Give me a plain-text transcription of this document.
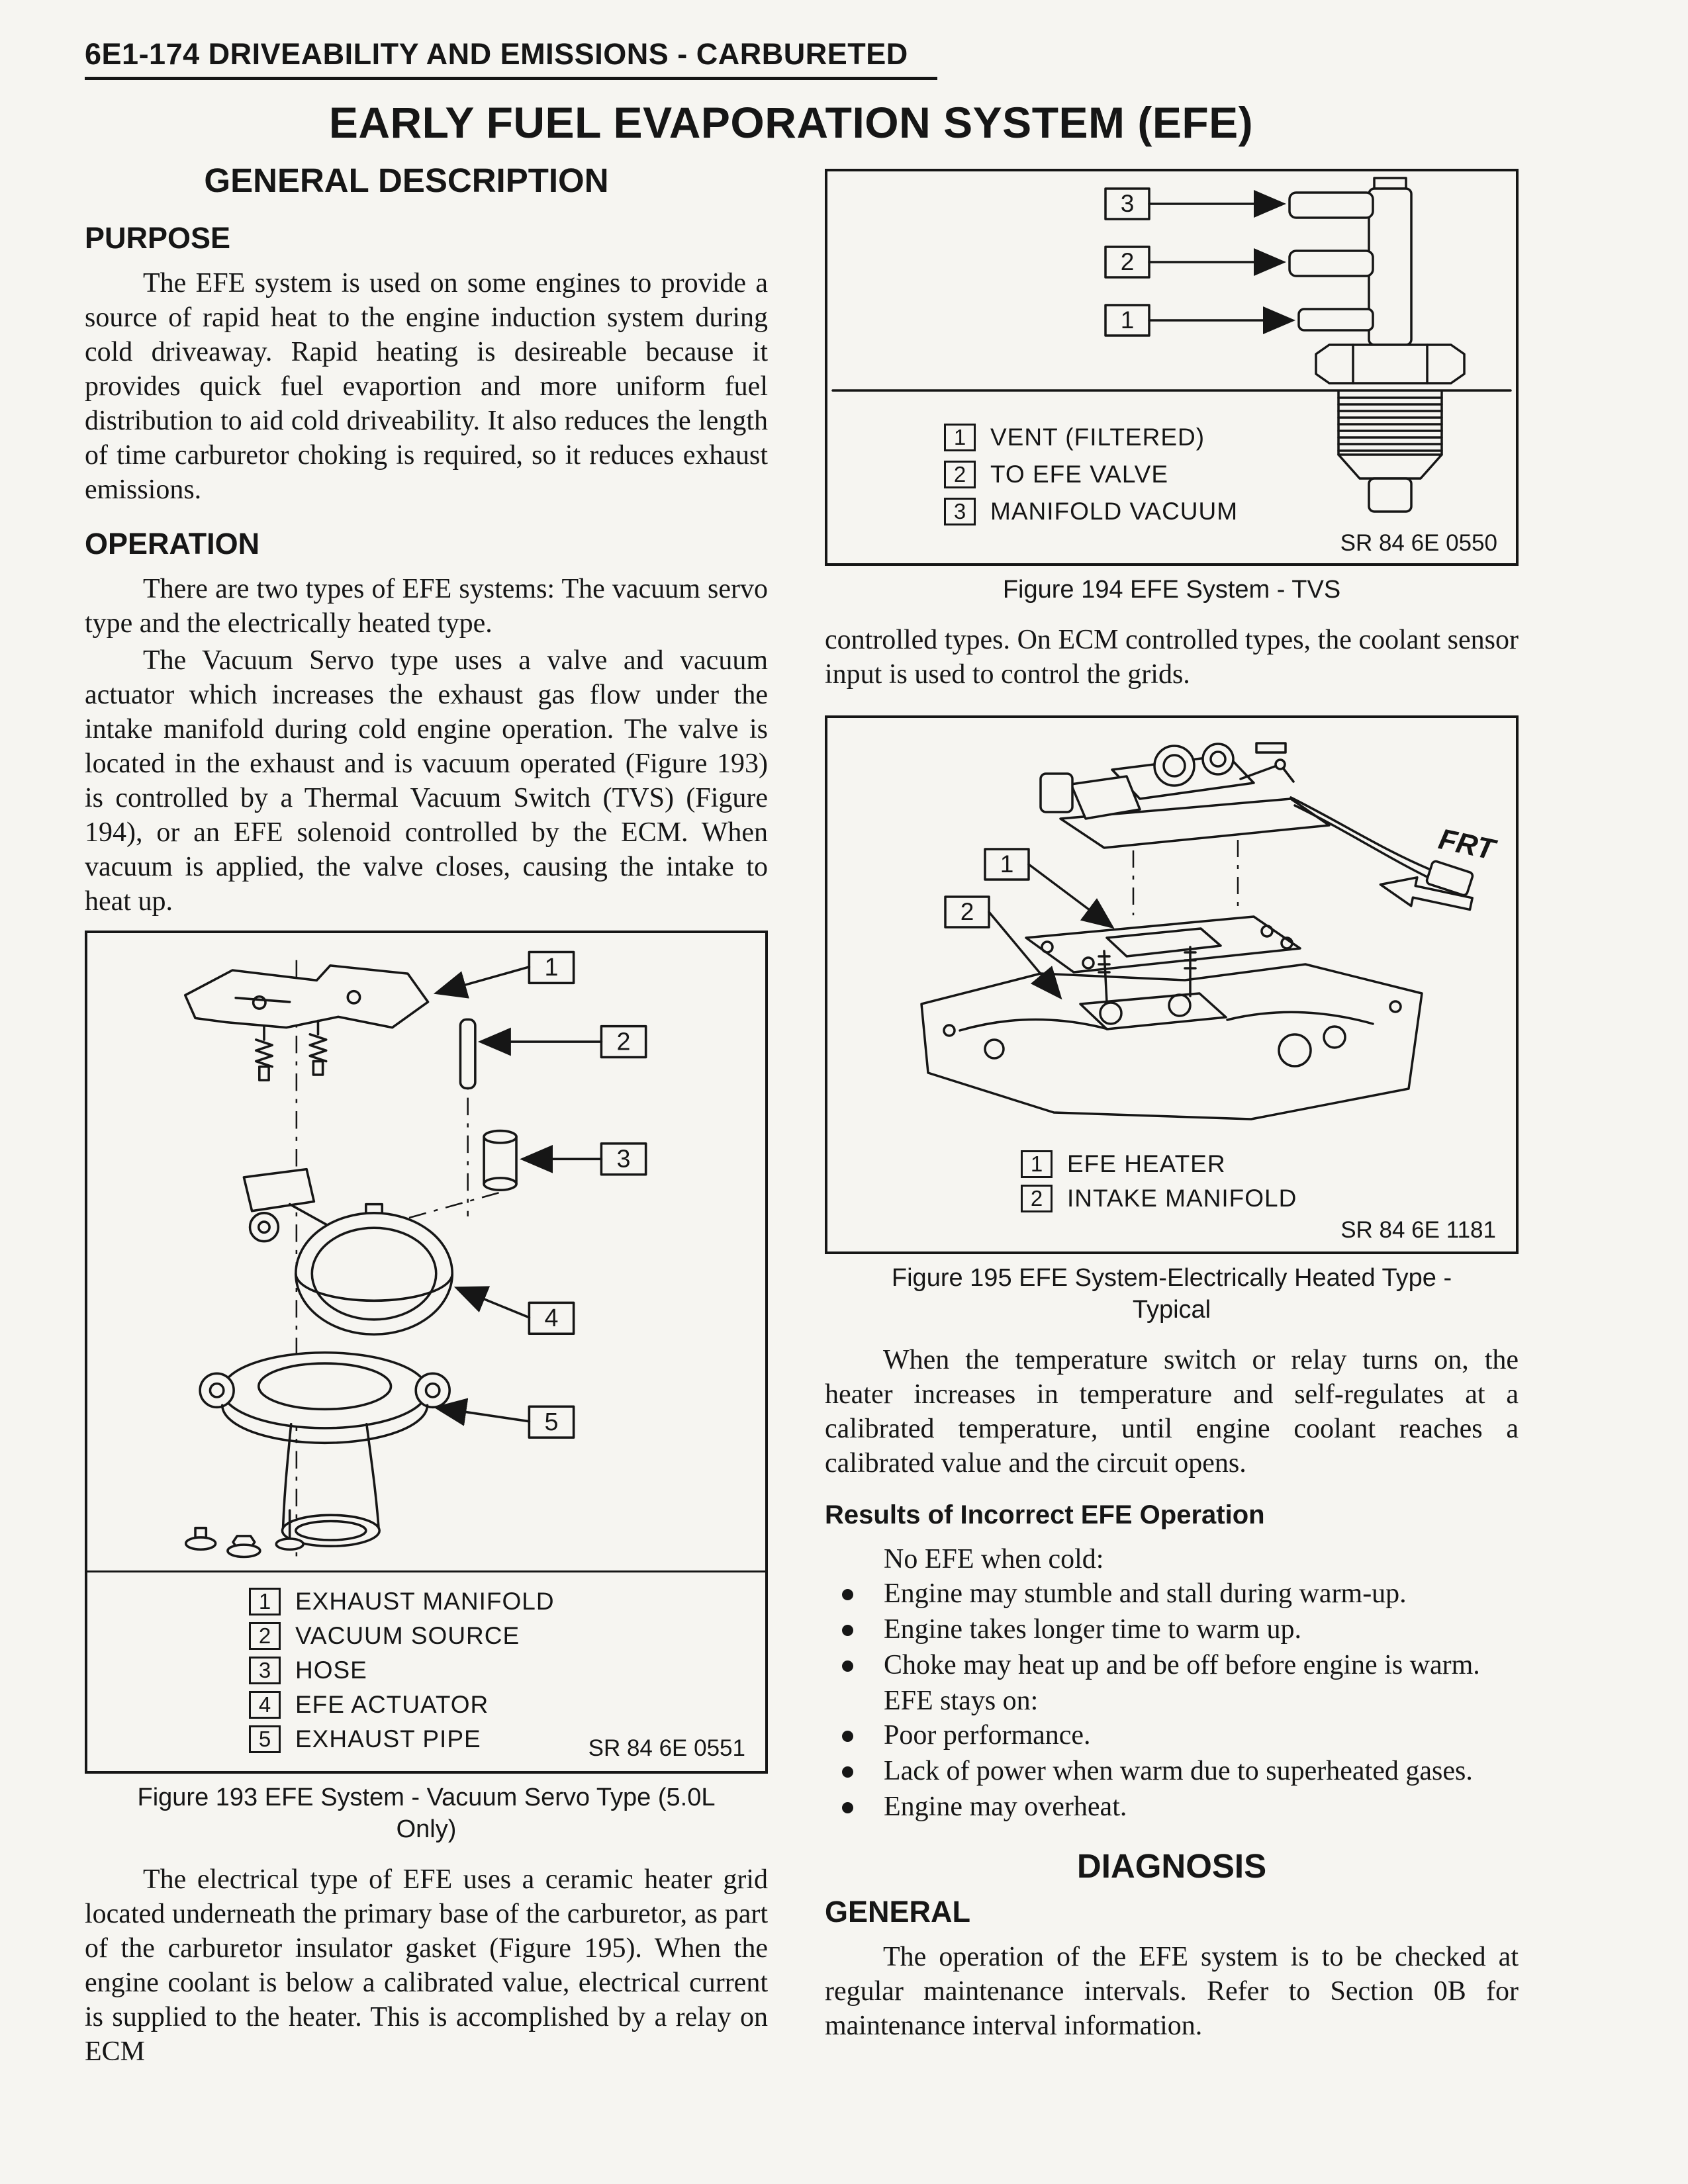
6E1-174 DRIVEABILITY AND EMISSIONS - CARBURETED
EARLY FUEL EVAPORATION SYSTEM (EFE)
GENERAL DESCRIPTION
PURPOSE

The EFE system is used on some engines to provide a source of rapid heat to the engine induction system during cold driveaway. Rapid heating is desireable because it provides quick fuel evaportion and more uniform fuel distribution to aid cold driveability. It also reduces the length of time carburetor choking is required, so it reduces exhaust emissions.

OPERATION

There are two types of EFE systems: The vacuum servo type and the electrically heated type.

The Vacuum Servo type uses a valve and vacuum actuator which increases the exhaust gas flow under the intake manifold during cold engine operation. The valve is located in the exhaust and is vacuum operated (Figure 193) is controlled by a Thermal Vacuum Switch (TVS) (Figure 194), or an EFE solenoid controlled by the ECM. When vacuum is applied, the valve closes, causing the intake to heat up.

1
2
3
4
5
1 EXHAUST MANIFOLD
2 VACUUM SOURCE
3 HOSE
4 EFE ACTUATOR
5 EXHAUST PIPE	SR 84 6E 0551
Figure 193 EFE System - Vacuum Servo Type (5.0L
Only)

The electrical type of EFE uses a ceramic heater grid located underneath the primary base of the carburetor, as part of the carburetor insulator gasket (Figure 195). When the engine coolant is below a calibrated value, electrical current is supplied to the heater. This is accomplished by a relay on ECM

3
2
1
1 VENT (FILTERED)
2 TO EFE VALVE
3 MANIFOLD VACUUM
SR 84 6E 0550
Figure 194 EFE System - TVS

controlled types. On ECM controlled types, the coolant sensor input is used to control the grids.

FRT
1
2
1 EFE HEATER
2 INTAKE MANIFOLD
SR 84 6E 1181
Figure 195 EFE System-Electrically Heated Type -
Typical

When the temperature switch or relay turns on, the heater increases in temperature and self-regulates at a calibrated temperature, until engine coolant reaches a calibrated value and the circuit opens.

Results of Incorrect EFE Operation
No EFE when cold:
Engine may stumble and stall during warm-up.
Engine takes longer time to warm up.
Choke may heat up and be off before engine is warm.
EFE stays on:
Poor performance.
Lack of power when warm due to superheated gases.
Engine may overheat.
DIAGNOSIS
GENERAL

The operation of the EFE system is to be checked at regular maintenance intervals. Refer to Section 0B for maintenance interval information.
